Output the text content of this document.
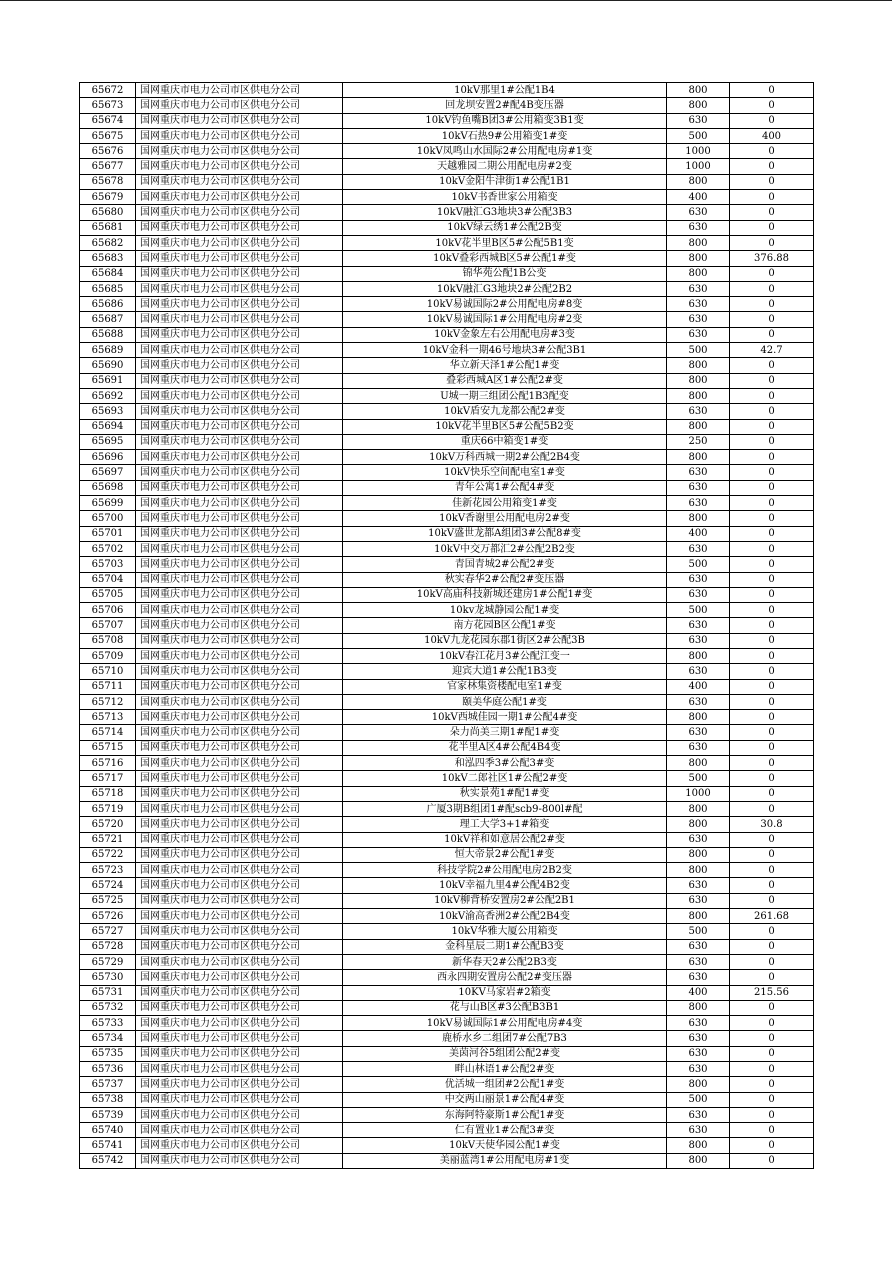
65672	国网重庆市电力公司市区供电分公司	10kV那里1#公配1B4	800	0
65673	国网重庆市电力公司市区供电分公司	回龙坝安置2#配4B变压器	800	0
65674	国网重庆市电力公司市区供电分公司	10kV钓鱼嘴B团3#公用箱变3B1变	630	0
65675	国网重庆市电力公司市区供电分公司	10kV石热9#公用箱变1#变	500	400
65676	国网重庆市电力公司市区供电分公司	10kV凤鸣山水国际2#公用配电房#1变	1000	0
65677	国网重庆市电力公司市区供电分公司	天越雅园二期公用配电房#2变	1000	0
65678	国网重庆市电力公司市区供电分公司	10kV金阳牛津街1#公配1B1	800	0
65679	国网重庆市电力公司市区供电分公司	10kV书香世家公用箱变	400	0
65680	国网重庆市电力公司市区供电分公司	10kV融汇G3地块3#公配3B3	630	0
65681	国网重庆市电力公司市区供电分公司	10kV绿云绣1#公配2B变	630	0
65682	国网重庆市电力公司市区供电分公司	10kV花半里B区5#公配5B1变	800	0
65683	国网重庆市电力公司市区供电分公司	10kV叠彩西城B区5#公配1#变	800	376.88
65684	国网重庆市电力公司市区供电分公司	锦华苑公配1B公变	800	0
65685	国网重庆市电力公司市区供电分公司	10kV融汇G3地块2#公配2B2	630	0
65686	国网重庆市电力公司市区供电分公司	10kV易诚国际2#公用配电房#8变	630	0
65687	国网重庆市电力公司市区供电分公司	10kV易诚国际1#公用配电房#2变	630	0
65688	国网重庆市电力公司市区供电分公司	10kV金象左右公用配电房#3变	630	0
65689	国网重庆市电力公司市区供电分公司	10kV金科一期46号地块3#公配3B1	500	42.7
65690	国网重庆市电力公司市区供电分公司	华立新天泽1#公配1#变	800	0
65691	国网重庆市电力公司市区供电分公司	叠彩西城A区1#公配2#变	800	0
65692	国网重庆市电力公司市区供电分公司	U城一期三组团公配1B3配变	800	0
65693	国网重庆市电力公司市区供电分公司	10kV盾安九龙都公配2#变	630	0
65694	国网重庆市电力公司市区供电分公司	10kV花半里B区5#公配5B2变	800	0
65695	国网重庆市电力公司市区供电分公司	重庆66中箱变1#变	250	0
65696	国网重庆市电力公司市区供电分公司	10kV万科西城一期2#公配2B4变	800	0
65697	国网重庆市电力公司市区供电分公司	10kV快乐空间配电室1#变	630	0
65698	国网重庆市电力公司市区供电分公司	青年公寓1#公配4#变	630	0
65699	国网重庆市电力公司市区供电分公司	佳新花园公用箱变1#变	630	0
65700	国网重庆市电力公司市区供电分公司	10kV香谢里公用配电房2#变	800	0
65701	国网重庆市电力公司市区供电分公司	10kV盛世龙都A组团3#公配8#变	400	0
65702	国网重庆市电力公司市区供电分公司	10kV中交万都汇2#公配2B2变	630	0
65703	国网重庆市电力公司市区供电分公司	青国青城2#公配2#变	500	0
65704	国网重庆市电力公司市区供电分公司	秋实春华2#公配2#变压器	630	0
65705	国网重庆市电力公司市区供电分公司	10kV高庙科技新城还建房1#公配1#变	630	0
65706	国网重庆市电力公司市区供电分公司	10kv龙城静园公配1#变	500	0
65707	国网重庆市电力公司市区供电分公司	南方花园B区公配1#变	630	0
65708	国网重庆市电力公司市区供电分公司	10kV九龙花园东郡1街区2#公配3B	630	0
65709	国网重庆市电力公司市区供电分公司	10kV春江花月3#公配江变一	800	0
65710	国网重庆市电力公司市区供电分公司	迎宾大道1#公配1B3变	630	0
65711	国网重庆市电力公司市区供电分公司	官家林集资楼配电室1#变	400	0
65712	国网重庆市电力公司市区供电分公司	颐美华庭公配1#变	630	0
65713	国网重庆市电力公司市区供电分公司	10kV西城佳园一期1#公配4#变	800	0
65714	国网重庆市电力公司市区供电分公司	朵力尚美三期1#配1#变	630	0
65715	国网重庆市电力公司市区供电分公司	花半里A区4#公配4B4变	630	0
65716	国网重庆市电力公司市区供电分公司	和泓四季3#公配3#变	800	0
65717	国网重庆市电力公司市区供电分公司	10kV二郎社区1#公配2#变	500	0
65718	国网重庆市电力公司市区供电分公司	秋实景苑1#配1#变	1000	0
65719	国网重庆市电力公司市区供电分公司	广厦3期B组团1#配scb9-800l#配	800	0
65720	国网重庆市电力公司市区供电分公司	理工大学3+1#箱变	800	30.8
65721	国网重庆市电力公司市区供电分公司	10kV祥和如意居公配2#变	630	0
65722	国网重庆市电力公司市区供电分公司	恒大帝景2#公配1#变	800	0
65723	国网重庆市电力公司市区供电分公司	科技学院2#公用配电房2B2变	800	0
65724	国网重庆市电力公司市区供电分公司	10kV幸福九里4#公配4B2变	630	0
65725	国网重庆市电力公司市区供电分公司	10kV柳背桥安置房2#公配2B1	630	0
65726	国网重庆市电力公司市区供电分公司	10kV渝高香洲2#公配2B4变	800	261.68
65727	国网重庆市电力公司市区供电分公司	10kV华雅大厦公用箱变	500	0
65728	国网重庆市电力公司市区供电分公司	金科星辰二期1#公配B3变	630	0
65729	国网重庆市电力公司市区供电分公司	新华春天2#公配2B3变	630	0
65730	国网重庆市电力公司市区供电分公司	西永四期安置房公配2#变压器	630	0
65731	国网重庆市电力公司市区供电分公司	10KV马家岩#2箱变	400	215.56
65732	国网重庆市电力公司市区供电分公司	花与山B区#3公配B3B1	800	0
65733	国网重庆市电力公司市区供电分公司	10kV易诚国际1#公用配电房#4变	630	0
65734	国网重庆市电力公司市区供电分公司	鹿桥水乡二组团7#公配7B3	630	0
65735	国网重庆市电力公司市区供电分公司	美茵河谷5组团公配2#变	630	0
65736	国网重庆市电力公司市区供电分公司	畔山林语1#公配2#变	630	0
65737	国网重庆市电力公司市区供电分公司	优活城一组团#2公配1#变	800	0
65738	国网重庆市电力公司市区供电分公司	中交两山丽景1#公配4#变	500	0
65739	国网重庆市电力公司市区供电分公司	东海阿特豪斯1#公配1#变	630	0
65740	国网重庆市电力公司市区供电分公司	仁有置业1#公配3#变	630	0
65741	国网重庆市电力公司市区供电分公司	10kV天使华园公配1#变	800	0
65742	国网重庆市电力公司市区供电分公司	美丽蓝湾1#公用配电房#1变	800	0
